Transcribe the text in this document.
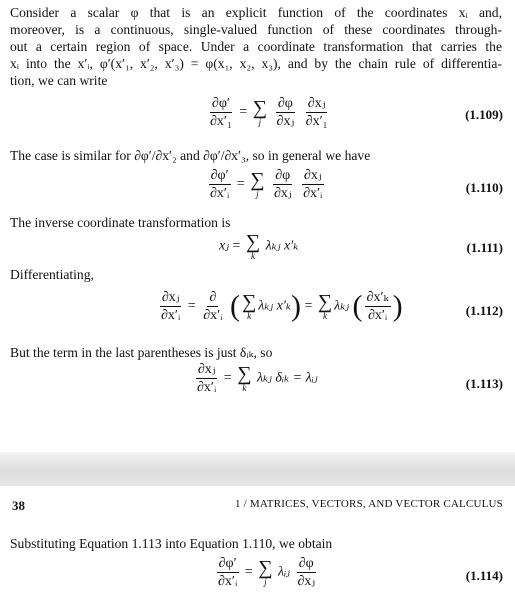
Consider a scalar φ that is an explicit function of the coordinates xᵢ and,
moreover, is a continuous, single-valued function of these coordinates through-
out a certain region of space. Under a coordinate transformation that carries the
xᵢ into the x′ᵢ, φ′(x′₁, x′₂, x′₃) = φ(x₁, x₂, x₃), and by the chain rule of differentia-
tion, we can write
$\frac{\partial\varphi'}{\text{∂x′₁}}$ = ∑
j
$\frac{\partial\varphi}{\text{∂xⱼ}}$
$\frac{\text{∂xⱼ}}{\text{∂x′₁}}$	(1.109)
The case is similar for ∂φ′/∂x′₂ and ∂φ′/∂x′₃, so in general we have
$\frac{\partial\varphi'}{\text{∂x′ᵢ}}$ = ∑
j
$\frac{\partial\varphi}{\text{∂xⱼ}}$
$\frac{\text{∂xⱼ}}{\text{∂x′ᵢ}}$	(1.110)
The inverse coordinate transformation is
xⱼ = ∑
k
λₖⱼ x′ₖ	(1.111)
Differentiating,
$\frac{\text{∂xⱼ}}{\text{∂x′ᵢ}} = \frac{\partial}{\text{∂x′ᵢ}}$ ( ∑
k
λₖⱼ x′ₖ) = ∑
k
λₖⱼ ( $\frac{\text{∂x′ₖ}}{\text{∂x′ᵢ}}$ )	(1.112)
But the term in the last parentheses is just δᵢₖ, so
$\frac{\text{∂xⱼ}}{\text{∂x′ᵢ}}$ = ∑
k
λₖⱼ δᵢₖ = λᵢⱼ	(1.113)
38	1 / MATRICES, VECTORS, AND VECTOR CALCULUS
Substituting Equation 1.113 into Equation 1.110, we obtain
$\frac{\partial\varphi'}{\text{∂x′ᵢ}}$ = ∑
j
λᵢⱼ $\frac{\partial\varphi}{\text{∂xⱼ}}$	(1.114)
